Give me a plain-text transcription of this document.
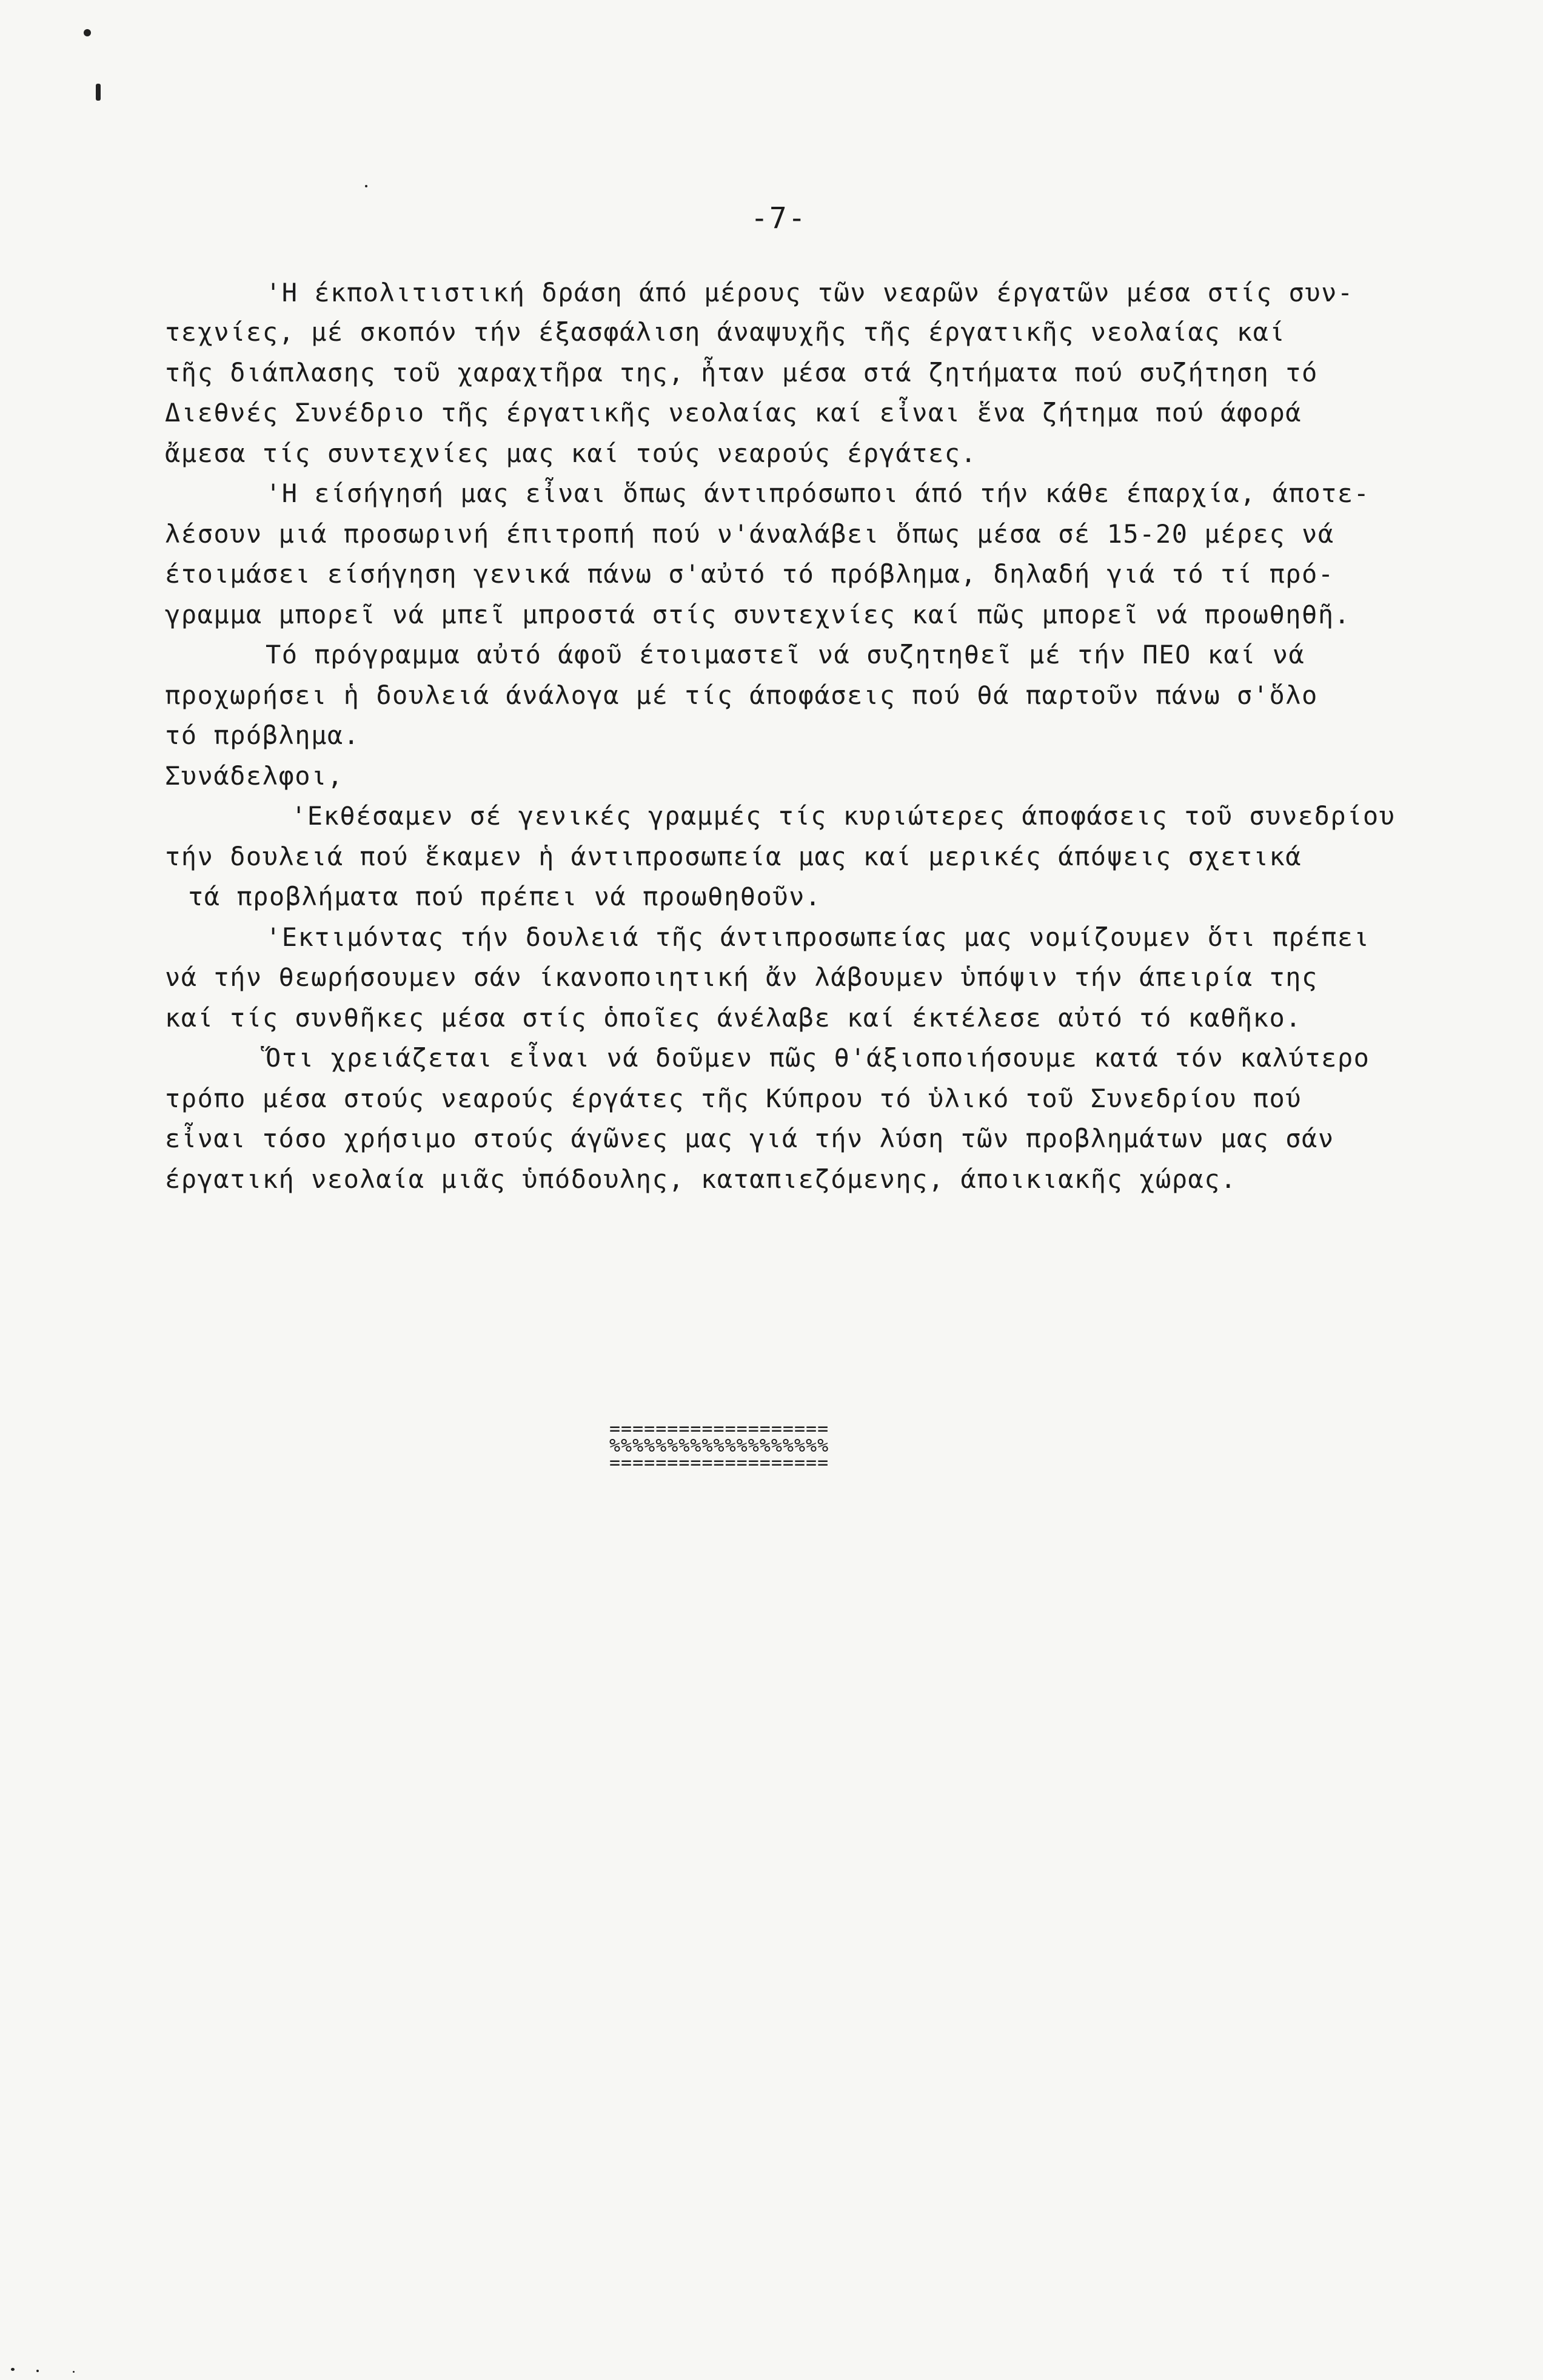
-7-
'Η έκπολιτιστική δράση άπό μέρους τῶν νεαρῶν έργατῶν μέσα στίς συν-
τεχνίες, μέ σκοπόν τήν έξασφάλιση άναψυχῆς τῆς έργατικῆς νεολαίας καί
τῆς διάπλασης τοῦ χαραχτῆρα της, ἦταν μέσα στά ζητήματα πού συζήτηση τό
Διεθνές Συνέδριο τῆς έργατικῆς νεολαίας καί εἶναι ἕνα ζήτημα πού άφορά
ἄμεσα τίς συντεχνίες μας καί τούς νεαρούς έργάτες.
'Η είσήγησή μας εἶναι ὅπως άντιπρόσωποι άπό τήν κάθε έπαρχία, άποτε-
λέσουν μιά προσωρινή έπιτροπή πού ν'άναλάβει ὅπως μέσα σέ 15-20 μέρες νά
έτοιμάσει είσήγηση γενικά πάνω σ'αὐτό τό πρόβλημα, δηλαδή γιά τό τί πρό-
γραμμα μπορεῖ νά μπεῖ μπροστά στίς συντεχνίες καί πῶς μπορεῖ νά προωθηθῆ.
Τό πρόγραμμα αὐτό άφοῦ έτοιμαστεῖ νά συζητηθεῖ μέ τήν ΠΕΟ καί νά
προχωρήσει ἡ δουλειά άνάλογα μέ τίς άποφάσεις πού θά παρτοῦν πάνω σ'ὅλο
τό πρόβλημα.
Συνάδελφοι,
'Εκθέσαμεν σέ γενικές γραμμές τίς κυριώτερες άποφάσεις τοῦ συνεδρίου
τήν δουλειά πού ἕκαμεν ἡ άντιπροσωπεία μας καί μερικές άπόψεις σχετικά
τά προβλήματα πού πρέπει νά προωθηθοῦν.
'Εκτιμόντας τήν δουλειά τῆς άντιπροσωπείας μας νομίζουμεν ὅτι πρέπει
νά τήν θεωρήσουμεν σάν ίκανοποιητική ἄν λάβουμεν ὑπόψιν τήν άπειρία της
καί τίς συνθῆκες μέσα στίς ὁποῖες άνέλαβε καί έκτέλεσε αὐτό τό καθῆκο.
Ὅτι χρειάζεται εἶναι νά δοῦμεν πῶς θ'άξιοποιήσουμε κατά τόν καλύτερο
τρόπο μέσα στούς νεαρούς έργάτες τῆς Κύπρου τό ὑλικό τοῦ Συνεδρίου πού
εἶναι τόσο χρήσιμο στούς άγῶνες μας γιά τήν λύση τῶν προβλημάτων μας σάν
έργατική νεολαία μιᾶς ὑπόδουλης, καταπιεζόμενης, άποικιακῆς χώρας.
===================
%%%%%%%%%%%%%%%%%%%
===================
